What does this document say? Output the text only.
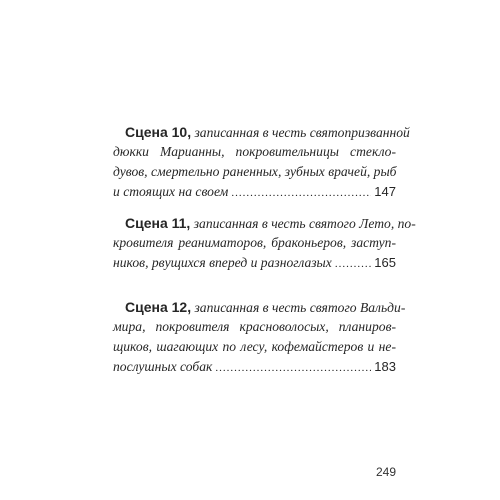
Сцена 10, записанная в честь святопризванной
дюкки Марианны, покровительницы стекло-
дувов, смертельно раненных, зубных врачей, рыб
и стоящих на своем .....	147
Сцена 11, записанная в честь святого Лето, по-
кровителя реаниматоров, браконьеров, заступ-
ников, рвущихся вперед и разноглазых .....	165
Сцена 12, записанная в честь святого Вальди-
мира, покровителя красноволосых, планиров-
щиков, шагающих по лесу, кофемайстеров и не-
послушных собак .....	183
249
